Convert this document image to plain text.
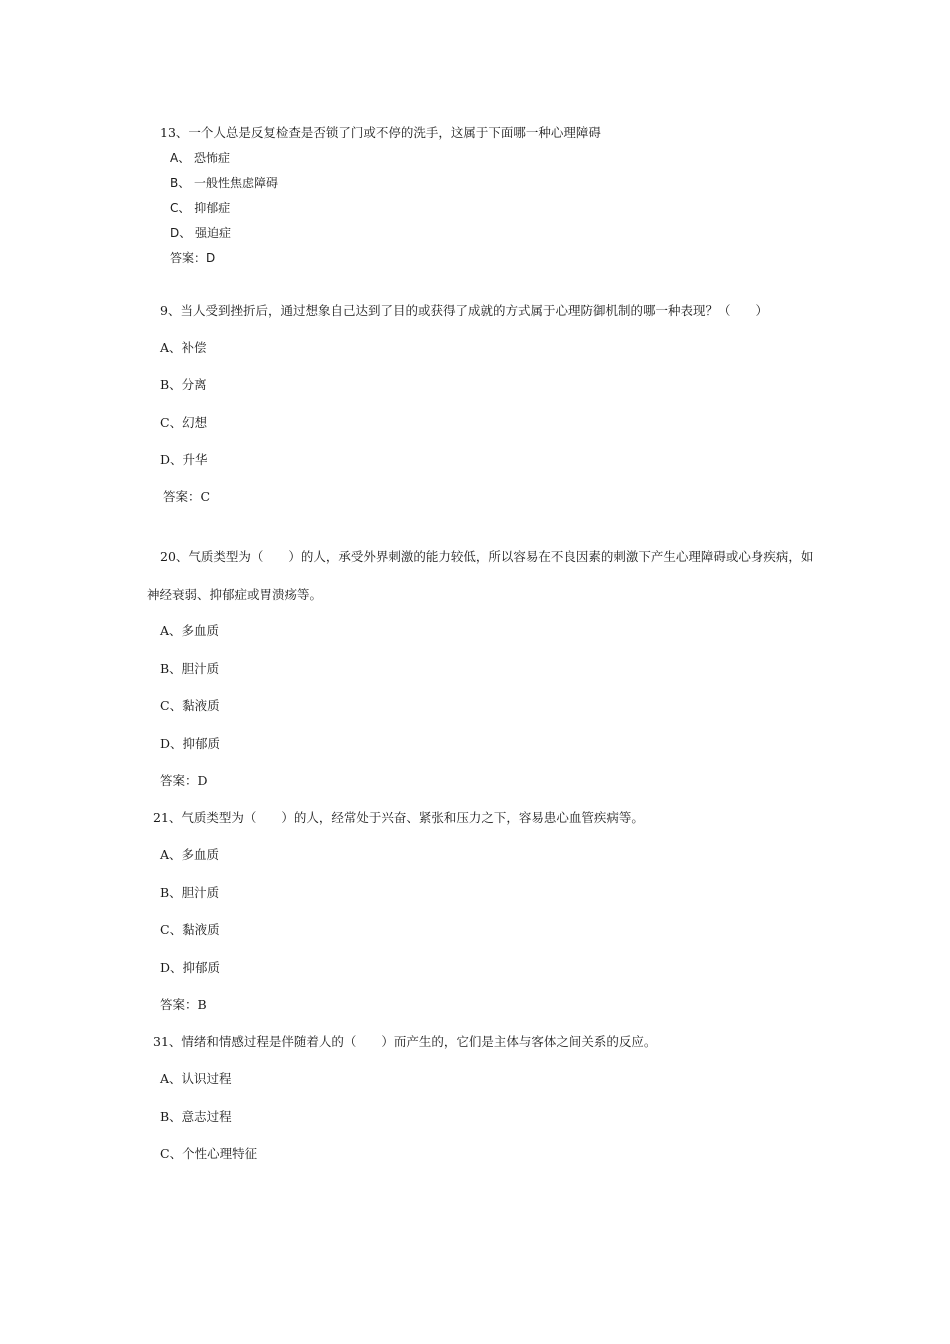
13、一个人总是反复检查是否锁了门或不停的洗手，这属于下面哪一种心理障碍
A、 恐怖症
B、 一般性焦虑障碍
C、 抑郁症
D、 强迫症
答案：D
9、当人受到挫折后，通过想象自己达到了目的或获得了成就的方式属于心理防御机制的哪一种表现？（　　）
A、补偿
B、分离
C、幻想
D、升华
答案：C
20、气质类型为（　　）的人，承受外界刺激的能力较低，所以容易在不良因素的刺激下产生心理障碍或心身疾病，如
神经衰弱、抑郁症或胃溃疡等。
A、多血质
B、胆汁质
C、黏液质
D、抑郁质
答案：D
21、气质类型为（　　）的人，经常处于兴奋、紧张和压力之下，容易患心血管疾病等。
A、多血质
B、胆汁质
C、黏液质
D、抑郁质
答案：B
31、情绪和情感过程是伴随着人的（　　）而产生的，它们是主体与客体之间关系的反应。
A、认识过程
B、意志过程
C、个性心理特征
